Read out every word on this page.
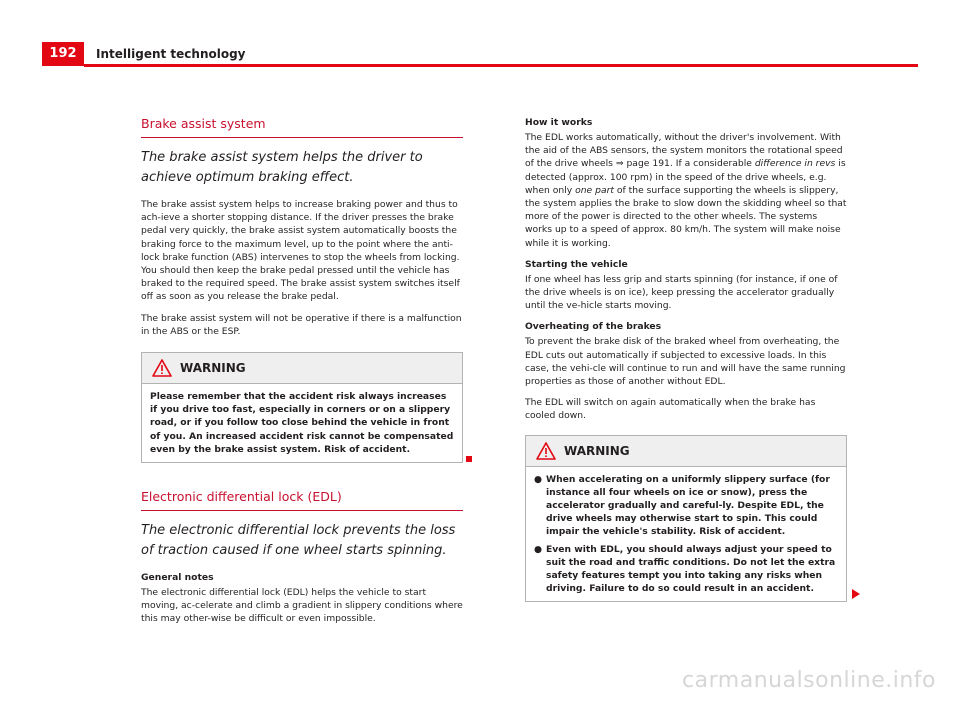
192	Intelligent technology
Brake assist system
The brake assist system helps the driver to achieve optimum braking effect.

The brake assist system helps to increase braking power and thus to ach-ieve a shorter stopping distance. If the driver presses the brake pedal very quickly, the brake assist system automatically boosts the braking force to the maximum level, up to the point where the anti-lock brake function (ABS) intervenes to stop the wheels from locking. You should then keep the brake pedal pressed until the vehicle has braked to the required speed. The brake assist system switches itself off as soon as you release the brake pedal.

The brake assist system will not be operative if there is a malfunction in the ABS or the ESP.

WARNING

Please remember that the accident risk always increases if you drive too fast, especially in corners or on a slippery road, or if you follow too close behind the vehicle in front of you. An increased accident risk cannot be compensated even by the brake assist system. Risk of accident.

Electronic differential lock (EDL)
The electronic differential lock prevents the loss of traction caused if one wheel starts spinning.
General notes

The electronic differential lock (EDL) helps the vehicle to start moving, ac-celerate and climb a gradient in slippery conditions where this may other-wise be difficult or even impossible.

How it works

The EDL works automatically, without the driver's involvement. With the aid of the ABS sensors, the system monitors the rotational speed of the drive wheels ⇒ page 191. If a considerable difference in revs is detected (approx. 100 rpm) in the speed of the drive wheels, e.g. when only one part of the surface supporting the wheels is slippery, the system applies the brake to slow down the skidding wheel so that more of the power is directed to the other wheels. The systems works up to a speed of approx. 80 km/h. The system will make noise while it is working.

Starting the vehicle

If one wheel has less grip and starts spinning (for instance, if one of the drive wheels is on ice), keep pressing the accelerator gradually until the ve-hicle starts moving.

Overheating of the brakes

To prevent the brake disk of the braked wheel from overheating, the EDL cuts out automatically if subjected to excessive loads. In this case, the vehi-cle will continue to run and will have the same running properties as those of another without EDL.

The EDL will switch on again automatically when the brake has cooled down.

WARNING
● When accelerating on a uniformly slippery surface (for instance all four wheels on ice or snow), press the accelerator gradually and careful-ly. Despite EDL, the drive wheels may otherwise start to spin. This could impair the vehicle's stability. Risk of accident.

● Even with EDL, you should always adjust your speed to suit the road and traffic conditions. Do not let the extra safety features tempt you into taking any risks when driving. Failure to do so could result in an accident.

carmanualsonline.info
